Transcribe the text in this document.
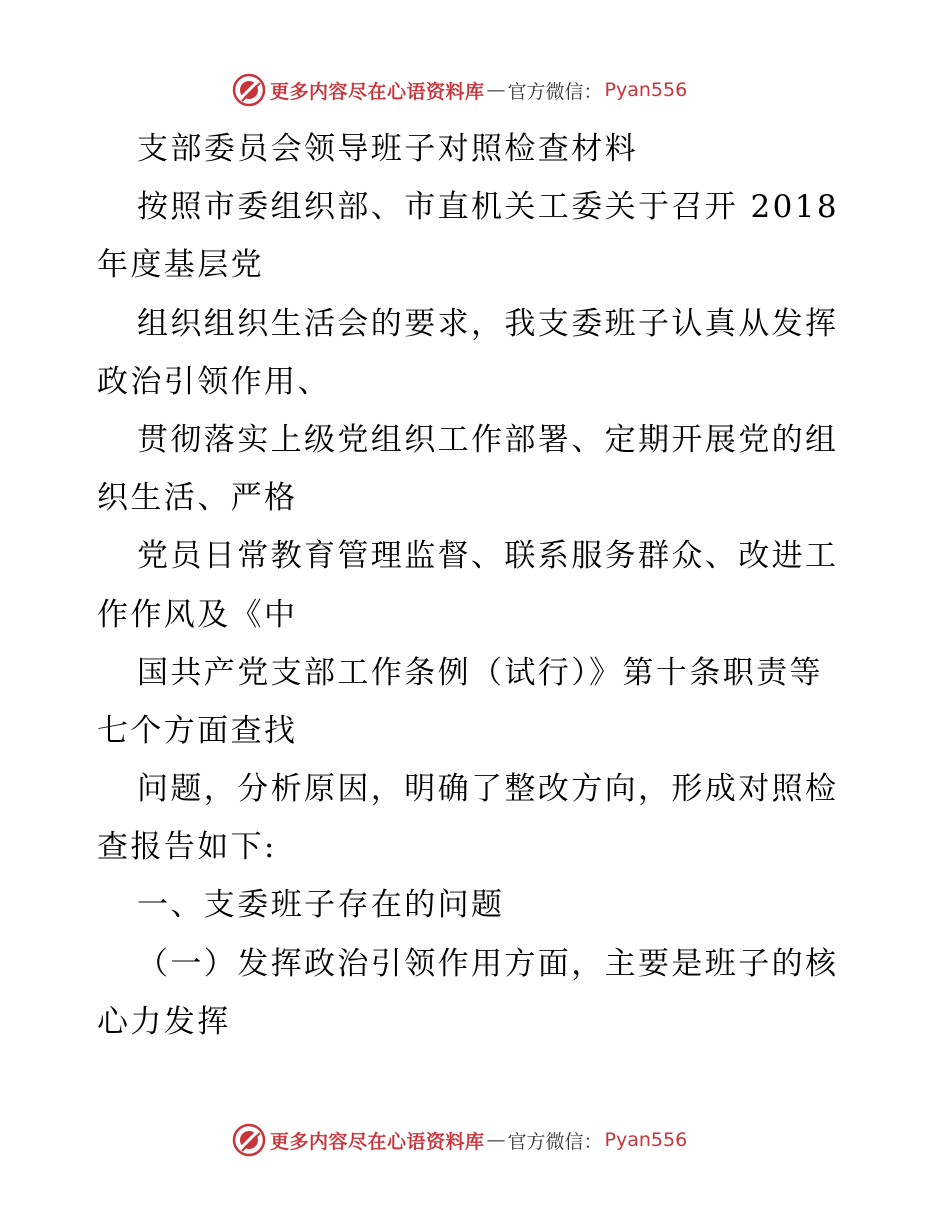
更多内容尽在心语资料库 — 官方微信： Pyan556
支部委员会领导班子对照检查材料
按照市委组织部、市直机关工委关于召开 2018
年度基层党
组织组织生活会的要求，我支委班子认真从发挥
政治引领作用、
贯彻落实上级党组织工作部署、定期开展党的组
织生活、严格
党员日常教育管理监督、联系服务群众、改进工
作作风及《中
国共产党支部工作条例（试行）》第十条职责等
七个方面查找
问题，分析原因，明确了整改方向，形成对照检
查报告如下:
一、支委班子存在的问题
（一）发挥政治引领作用方面，主要是班子的核
心力发挥
更多内容尽在心语资料库 — 官方微信： Pyan556
